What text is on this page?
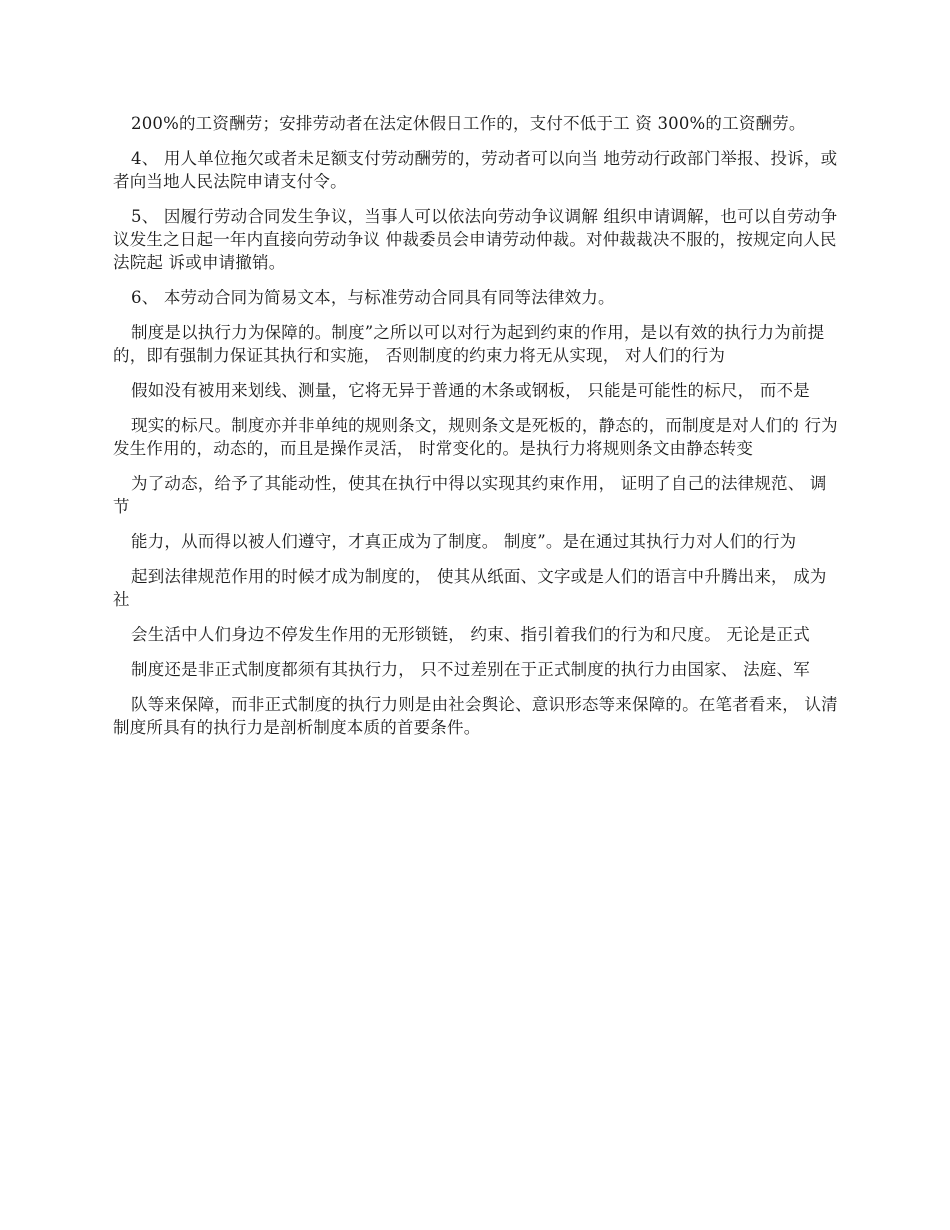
200%的工资酬劳；安排劳动者在法定休假日工作的，支付不低于工 资 300%的工资酬劳。

4、 用人单位拖欠或者未足额支付劳动酬劳的，劳动者可以向当 地劳动行政部门举报、投诉，或者向当地人民法院申请支付令。

5、 因履行劳动合同发生争议，当事人可以依法向劳动争议调解 组织申请调解，也可以自劳动争议发生之日起一年内直接向劳动争议 仲裁委员会申请劳动仲裁。对仲裁裁决不服的，按规定向人民法院起 诉或申请撤销。

6、 本劳动合同为简易文本，与标准劳动合同具有同等法律效力。

制度是以执行力为保障的。制度”之所以可以对行为起到约束的作用，是以有效的执行力为前提的，即有强制力保证其执行和实施， 否则制度的约束力将无从实现， 对人们的行为

假如没有被用来划线、测量，它将无异于普通的木条或钢板， 只能是可能性的标尺， 而不是

现实的标尺。制度亦并非单纯的规则条文，规则条文是死板的，静态的，而制度是对人们的 行为发生作用的，动态的，而且是操作灵活， 时常变化的。是执行力将规则条文由静态转变

为了动态，给予了其能动性，使其在执行中得以实现其约束作用， 证明了自己的法律规范、 调节

能力，从而得以被人们遵守，才真正成为了制度。 制度”。是在通过其执行力对人们的行为

起到法律规范作用的时候才成为制度的， 使其从纸面、文字或是人们的语言中升腾出来， 成为社

会生活中人们身边不停发生作用的无形锁链， 约束、指引着我们的行为和尺度。 无论是正式

制度还是非正式制度都须有其执行力， 只不过差别在于正式制度的执行力由国家、 法庭、军

队等来保障，而非正式制度的执行力则是由社会舆论、意识形态等来保障的。在笔者看来， 认清制度所具有的执行力是剖析制度本质的首要条件。
